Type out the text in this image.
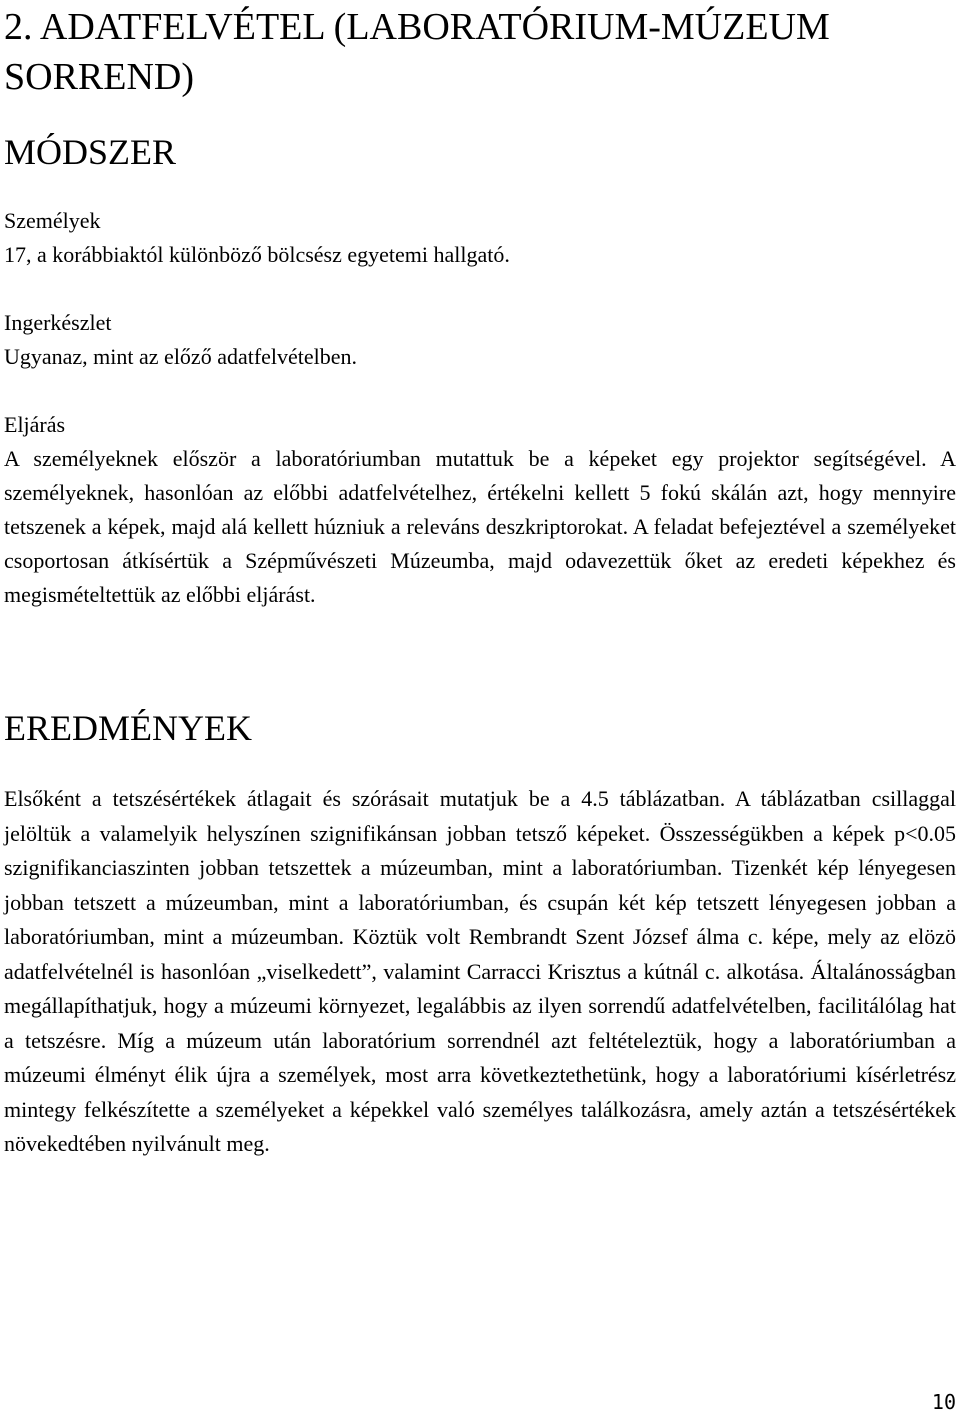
2. ADATFELVÉTEL (LABORATÓRIUM-MÚZEUM SORREND)
MÓDSZER
Személyek
17, a korábbiaktól különböző bölcsész egyetemi hallgató.
Ingerkészlet
Ugyanaz, mint az előző adatfelvételben.
Eljárás
A személyeknek először a laboratóriumban mutattuk be a képeket egy projektor segítségével. A személyeknek, hasonlóan az előbbi adatfelvételhez, értékelni kellett 5 fokú skálán azt, hogy mennyire tetszenek a képek, majd alá kellett húzniuk a releváns deszkriptorokat. A feladat befejeztével a személyeket csoportosan átkísértük a Szépművészeti Múzeumba, majd odavezettük őket az eredeti képekhez és megismételtettük az előbbi eljárást.
EREDMÉNYEK
Elsőként a tetszésértékek átlagait és szórásait mutatjuk be a 4.5 táblázatban. A táblázatban csillaggal jelöltük a valamelyik helyszínen szignifikánsan jobban tetsző képeket. Összességükben a képek p<0.05 szignifikanciaszinten jobban tetszettek a múzeumban, mint a laboratóriumban. Tizenkét kép lényegesen jobban tetszett a múzeumban, mint a laboratóriumban, és csupán két kép tetszett lényegesen jobban a laboratóriumban, mint a múzeumban. Köztük volt Rembrandt Szent József álma c. képe, mely az elözö adatfelvételnél is hasonlóan „viselkedett”, valamint Carracci Krisztus a kútnál c. alkotása. Általánosságban megállapíthatjuk, hogy a múzeumi környezet, legalábbis az ilyen sorrendű adatfelvételben, facilitálólag hat a tetszésre. Míg a múzeum után laboratórium sorrendnél azt feltételeztük, hogy a laboratóriumban a múzeumi élményt élik újra a személyek, most arra következtethetünk, hogy a laboratóriumi kísérletrész mintegy felkészítette a személyeket a képekkel való személyes találkozásra, amely aztán a tetszésértékek növekedtében nyilvánult meg.
10
